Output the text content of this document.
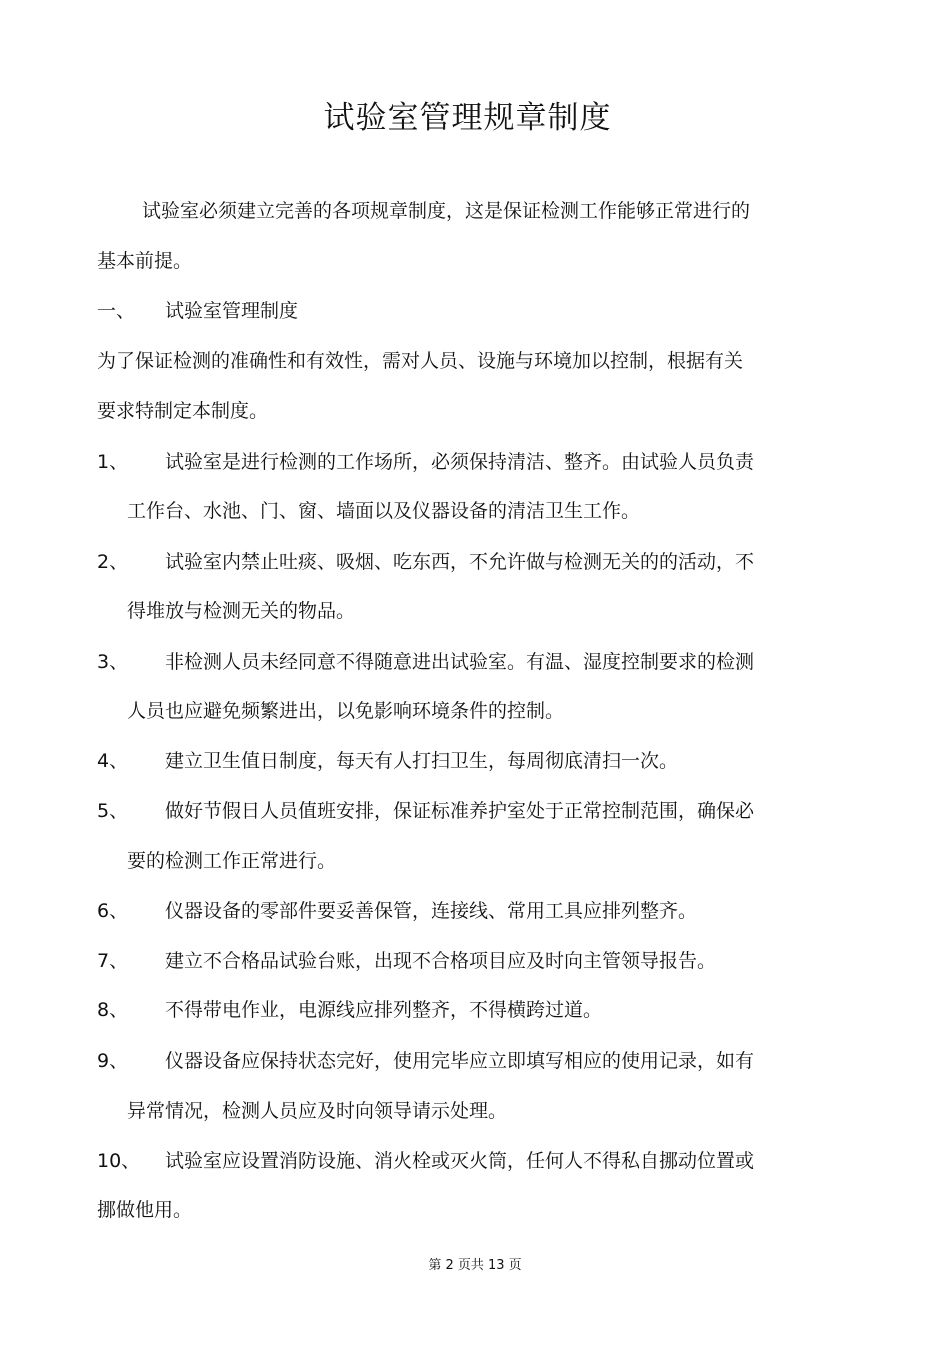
试验室管理规章制度
试验室必须建立完善的各项规章制度，这是保证检测工作能够正常进行的
基本前提。
一、 试验室管理制度
为了保证检测的准确性和有效性，需对人员、设施与环境加以控制，根据有关
要求特制定本制度。
1、 试验室是进行检测的工作场所，必须保持清洁、整齐。由试验人员负责
工作台、水池、门、窗、墙面以及仪器设备的清洁卫生工作。
2、 试验室内禁止吐痰、吸烟、吃东西，不允许做与检测无关的的活动，不
得堆放与检测无关的物品。
3、 非检测人员未经同意不得随意进出试验室。有温、湿度控制要求的检测
人员也应避免频繁进出，以免影响环境条件的控制。
4、 建立卫生值日制度，每天有人打扫卫生，每周彻底清扫一次。
5、 做好节假日人员值班安排，保证标准养护室处于正常控制范围，确保必
要的检测工作正常进行。
6、 仪器设备的零部件要妥善保管，连接线、常用工具应排列整齐。
7、 建立不合格品试验台账，出现不合格项目应及时向主管领导报告。
8、 不得带电作业，电源线应排列整齐，不得横跨过道。
9、 仪器设备应保持状态完好，使用完毕应立即填写相应的使用记录，如有
异常情况，检测人员应及时向领导请示处理。
10、 试验室应设置消防设施、消火栓或灭火筒，任何人不得私自挪动位置或
挪做他用。
第 2 页共 13 页
